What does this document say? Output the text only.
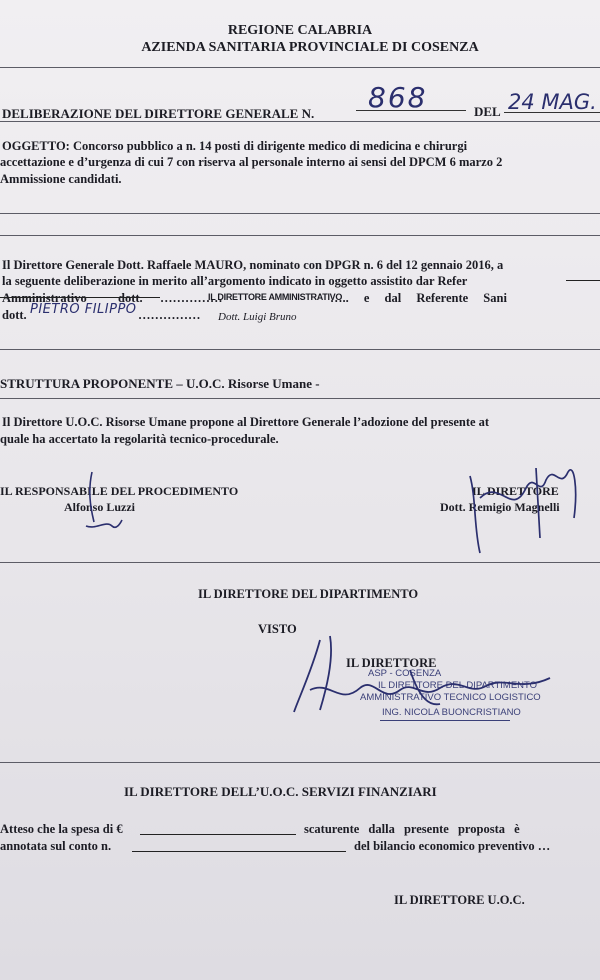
REGIONE CALABRIA
AZIENDA SANITARIA PROVINCIALE DI COSENZA
DELIBERAZIONE DEL DIRETTORE GENERALE N. 868	DEL 24 MAG.
OGGETTO: Concorso pubblico a n. 14 posti di dirigente medico di medicina e chirurgi
accettazione e d’urgenza di cui 7 con riserva al personale interno ai sensi del DPCM 6 marzo 2
Ammissione candidati.
Il Direttore Generale Dott. Raffaele MAURO, nominato con DPGR n. 6 del 12 gennaio 2016, a
la seguente deliberazione in merito all’argomento indicato in oggetto assistito dar Refer
Amministrativo	dott. ……………
IL DIRETTORE AMMINISTRATIVO
….. e dal Referente Sani
dott. PIETRO FILIPPO …………… Dott. Luigi Bruno
STRUTTURA PROPONENTE – U.O.C. Risorse Umane -
Il Direttore U.O.C. Risorse Umane propone al Direttore Generale l’adozione del presente at
quale ha accertato la regolarità tecnico-procedurale.
IL RESPONSABILE DEL PROCEDIMENTO
Alfonso Luzzi
IL DIRETTORE
Dott. Remigio Magnelli
IL DIRETTORE DEL DIPARTIMENTO
VISTO
IL DIRETTORE
ASP - COSENZA
IL DIRETTORE DEL DIPARTIMENTO
AMMINISTRATIVO TECNICO LOGISTICO
ING. NICOLA BUONCRISTIANO
IL DIRETTORE DELL’U.O.C. SERVIZI FINANZIARI
Atteso che la spesa di €	scaturente dalla presente proposta è
annotata sul conto n.	del bilancio economico preventivo …
IL DIRETTORE U.O.C.
